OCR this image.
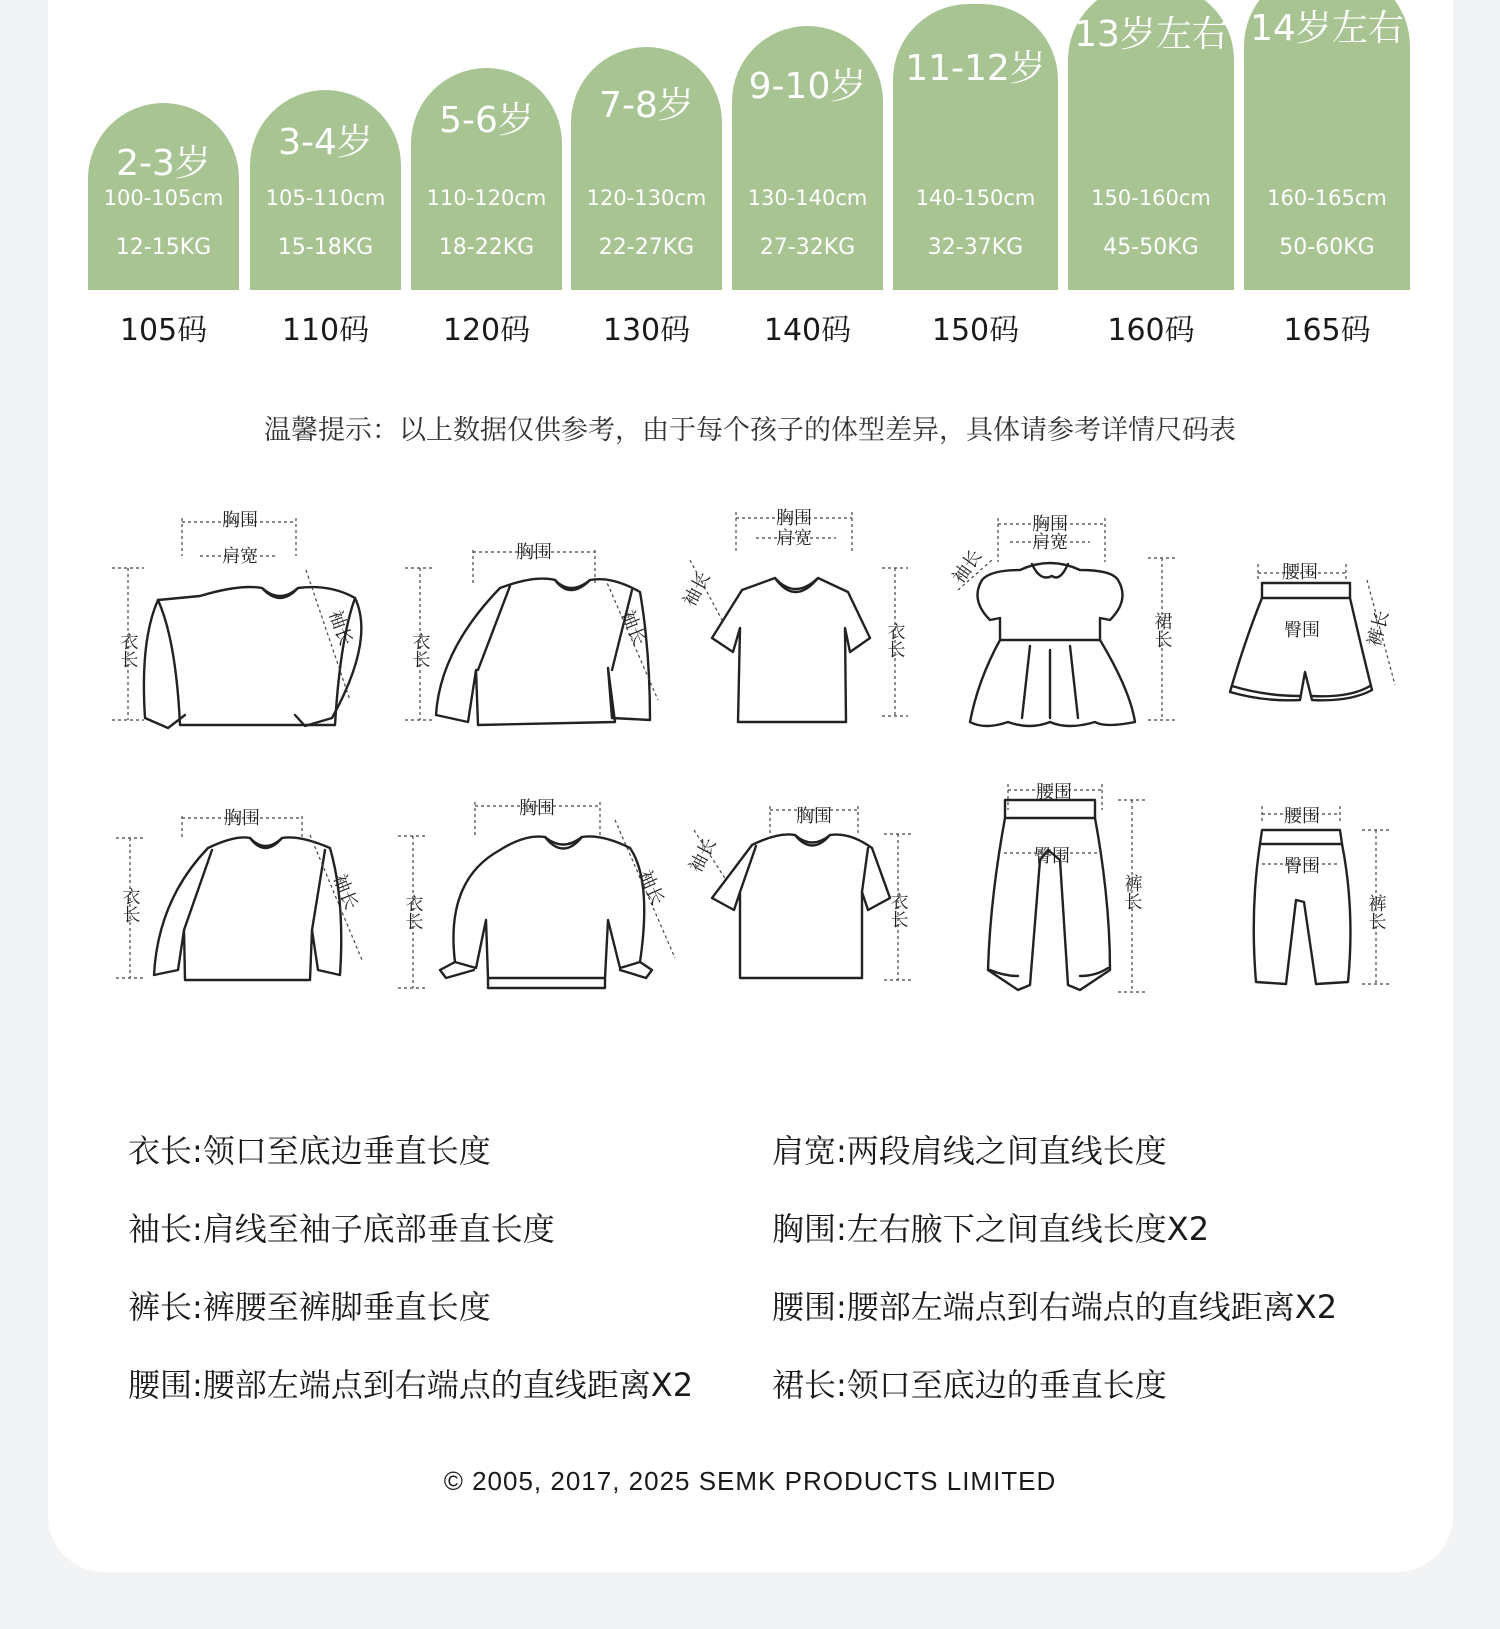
2-3岁
100-105cm
12-15KG
105码
3-4岁
105-110cm
15-18KG
110码
5-6岁
110-120cm
18-22KG
120码
7-8岁
120-130cm
22-27KG
130码
9-10岁
130-140cm
27-32KG
140码
11-12岁
140-150cm
32-37KG
150码
13岁左右
150-160cm
45-50KG
160码
14岁左右
160-165cm
50-60KG
165码
温馨提示：以上数据仅供参考，由于每个孩子的体型差异，具体请参考详情尺码表
胸围
肩宽
衣长
袖长
胸围
衣长
袖长
胸围
肩宽
衣长
袖长
胸围
肩宽
裙长
袖长	腰围
臀围 裤长
胸围
衣长	袖长
胸围
衣长
袖长
胸围
衣长
袖长
腰围
臀围
裤长
腰围
臀围
裤长
衣长:领口至底边垂直长度	肩宽:两段肩线之间直线长度
袖长:肩线至袖子底部垂直长度	胸围:左右腋下之间直线长度X2
裤长:裤腰至裤脚垂直长度	腰围:腰部左端点到右端点的直线距离X2
腰围:腰部左端点到右端点的直线距离X2 裙长:领口至底边的垂直长度
© 2005, 2017, 2025 SEMK PRODUCTS LIMITED
